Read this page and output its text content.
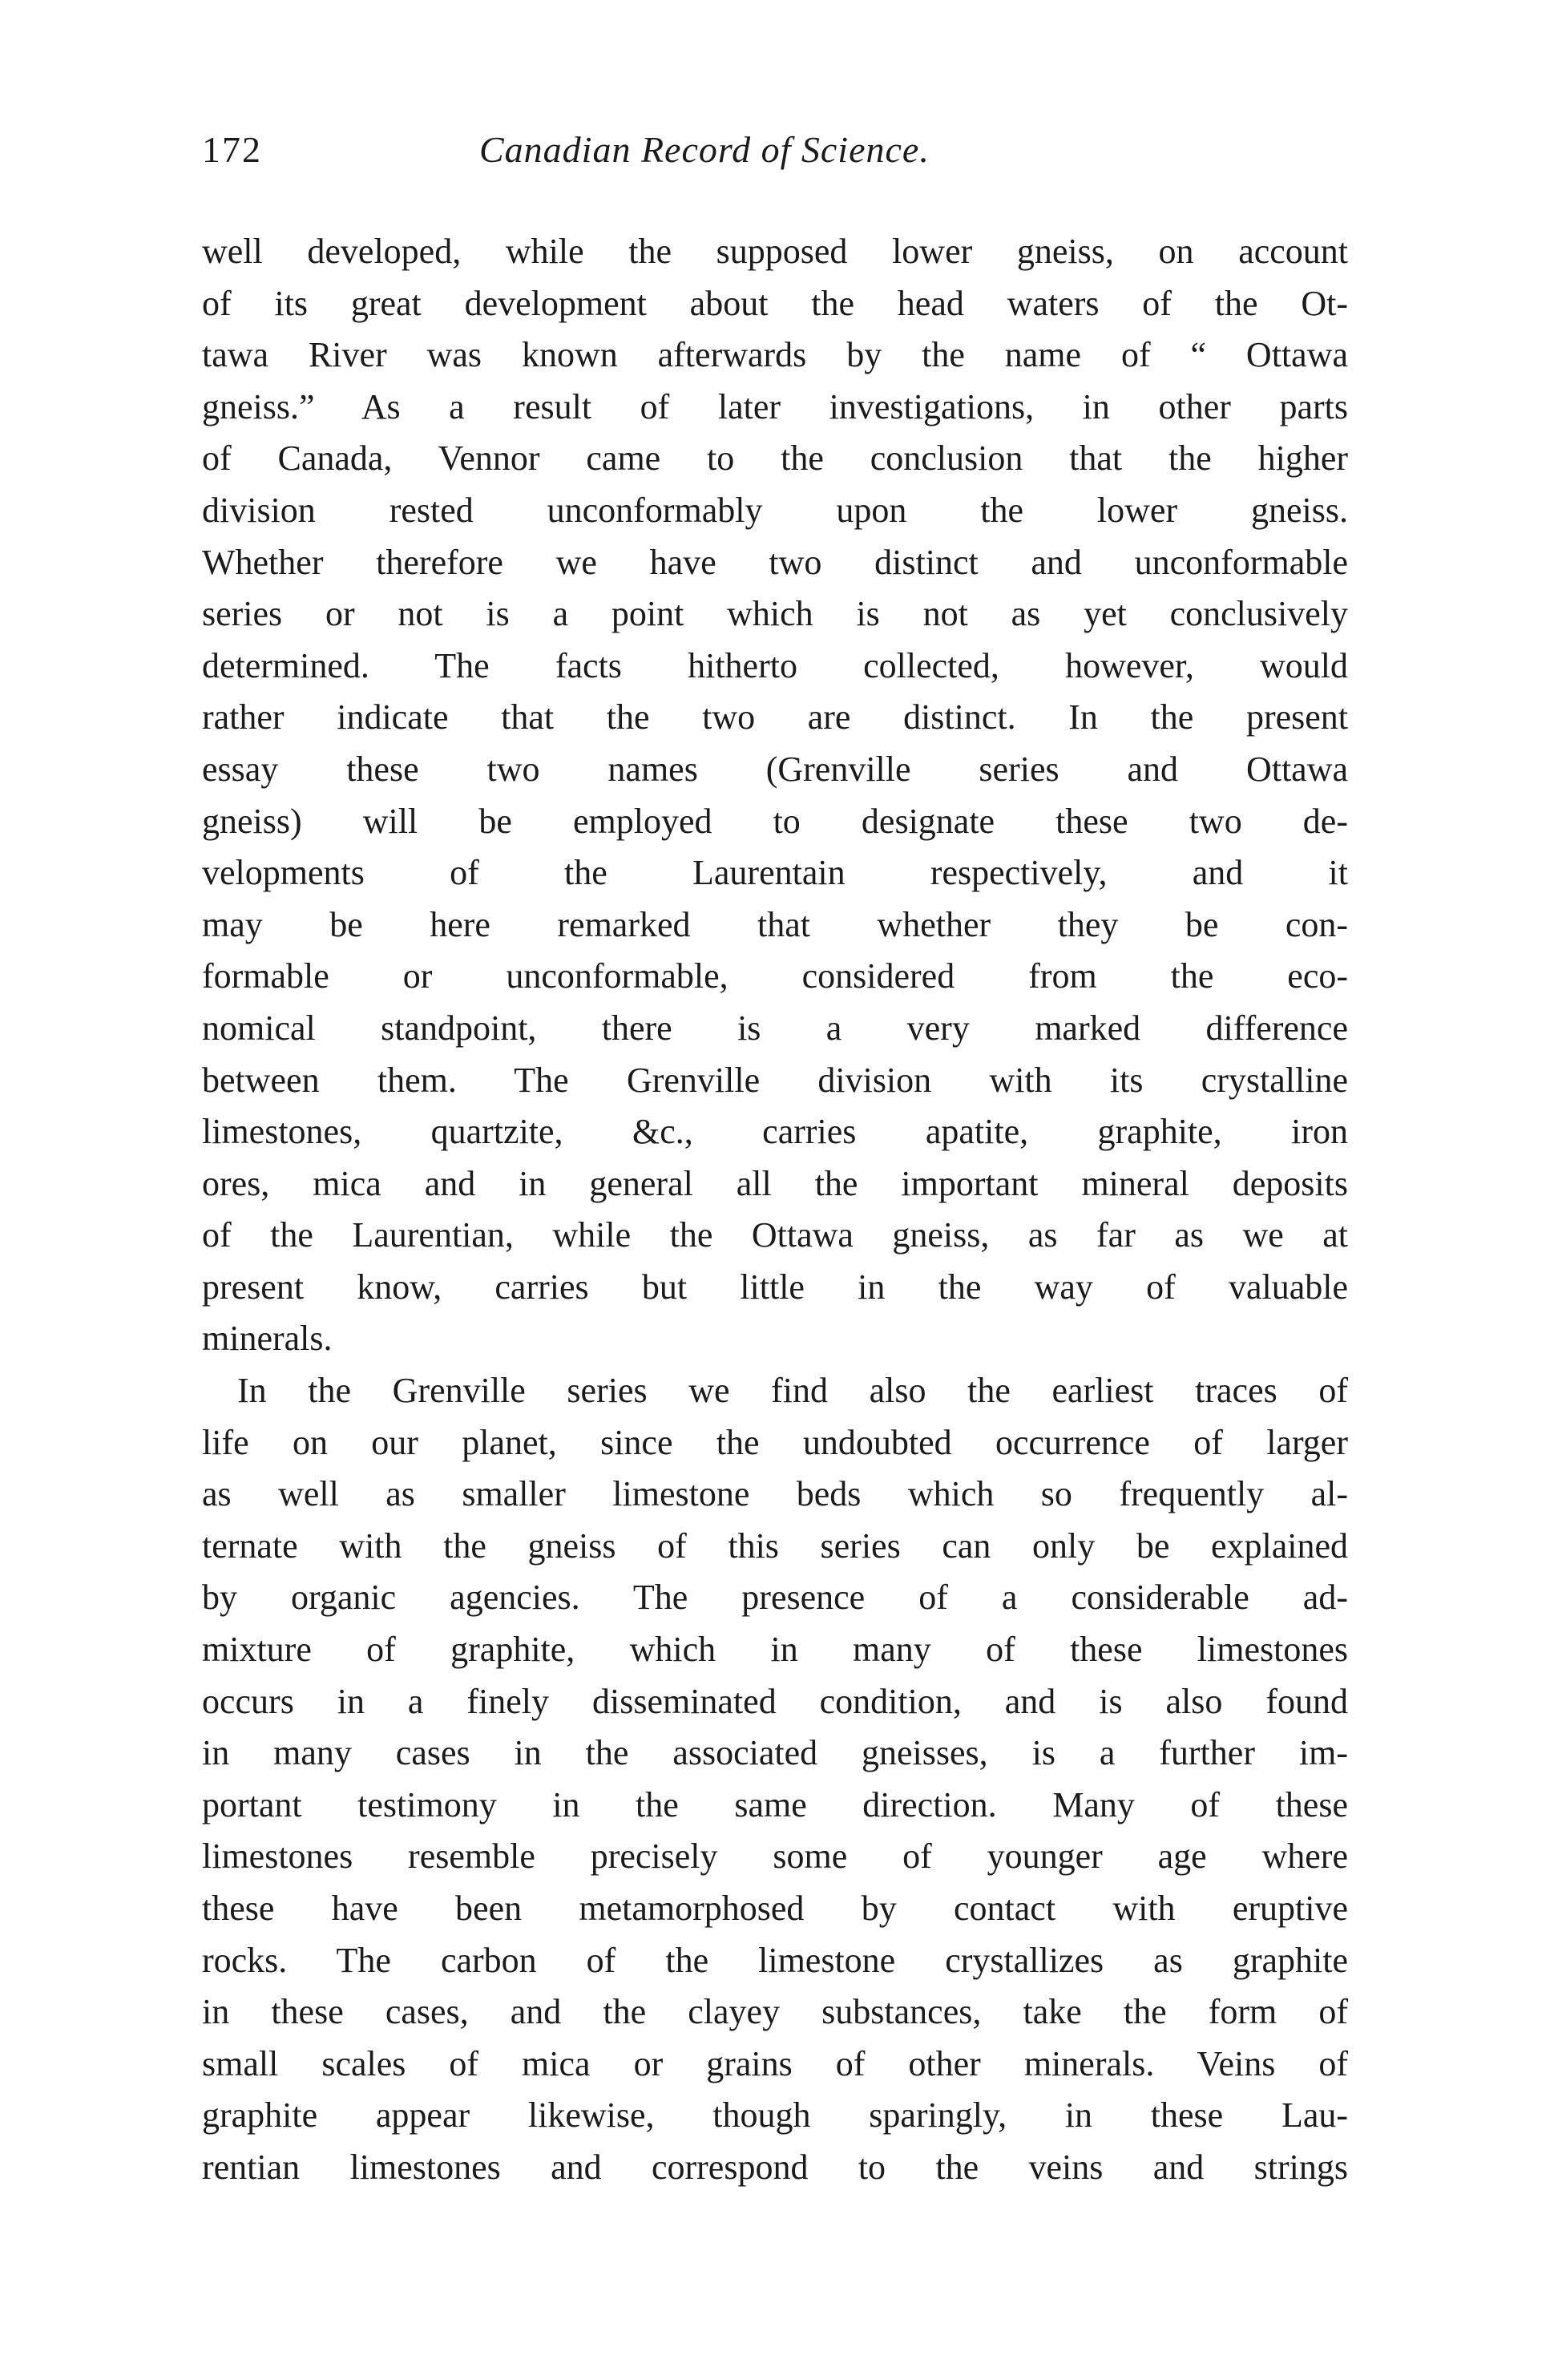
172	Canadian Record of Science.

well developed, while the supposed lower gneiss, on account

of its great development about the head waters of the Ot-

tawa River was known afterwards by the name of “ Ottawa

gneiss.” As a result of later investigations, in other parts

of Canada, Vennor came to the conclusion that the higher

division rested unconformably upon the lower gneiss.

Whether therefore we have two distinct and unconformable

series or not is a point which is not as yet conclusively

determined. The facts hitherto collected, however, would

rather indicate that the two are distinct. In the present

essay these two names (Grenville series and Ottawa

gneiss) will be employed to designate these two de-

velopments of the Laurentain respectively, and it

may be here remarked that whether they be con-

formable or unconformable, considered from the eco-

nomical standpoint, there is a very marked difference

between them. The Grenville division with its crystalline

limestones, quartzite, &c., carries apatite, graphite, iron

ores, mica and in general all the important mineral deposits

of the Laurentian, while the Ottawa gneiss, as far as we at

present know, carries but little in the way of valuable

minerals.

In the Grenville series we find also the earliest traces of

life on our planet, since the undoubted occurrence of larger

as well as smaller limestone beds which so frequently al-

ternate with the gneiss of this series can only be explained

by organic agencies. The presence of a considerable ad-

mixture of graphite, which in many of these limestones

occurs in a finely disseminated condition, and is also found

in many cases in the associated gneisses, is a further im-

portant testimony in the same direction. Many of these

limestones resemble precisely some of younger age where

these have been metamorphosed by contact with eruptive

rocks. The carbon of the limestone crystallizes as graphite

in these cases, and the clayey substances, take the form of

small scales of mica or grains of other minerals. Veins of

graphite appear likewise, though sparingly, in these Lau-

rentian limestones and correspond to the veins and strings
